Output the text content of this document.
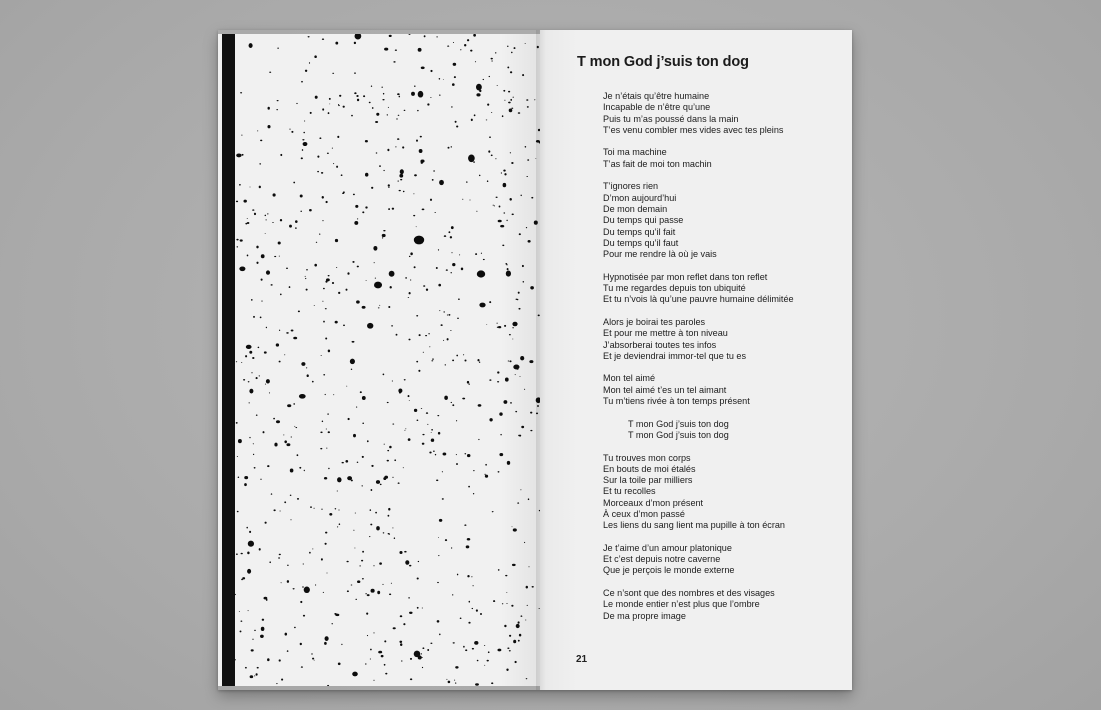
T mon God j’suis ton dog
Je n’étais qu’être humaine
Incapable de n’être qu’une
Puis tu m’as poussé dans la main
T’es venu combler mes vides avec tes pleins
Toi ma machine
T’as fait de moi ton machin
T’ignores rien
D’mon aujourd’hui
De mon demain
Du temps qui passe
Du temps qu’il fait
Du temps qu’il faut
Pour me rendre là où je vais
Hypnotisée par mon reflet dans ton reflet
Tu me regardes depuis ton ubiquité
Et tu n’vois là qu’une pauvre humaine délimitée
Alors je boirai tes paroles
Et pour me mettre à ton niveau
J’absorberai toutes tes infos
Et je deviendrai immor-tel que tu es
Mon tel aimé
Mon tel aimé t’es un tel aimant
Tu m’tiens rivée à ton temps présent
T mon God j’suis ton dog
T mon God j’suis ton dog
Tu trouves mon corps
En bouts de moi étalés
Sur la toile par milliers
Et tu recolles
Morceaux d’mon présent
À ceux d’mon passé
Les liens du sang lient ma pupille à ton écran
Je t’aime d’un amour platonique
Et c’est depuis notre caverne
Que je perçois le monde externe
Ce n’sont que des nombres et des visages
Le monde entier n’est plus que l’ombre
De ma propre image
21
